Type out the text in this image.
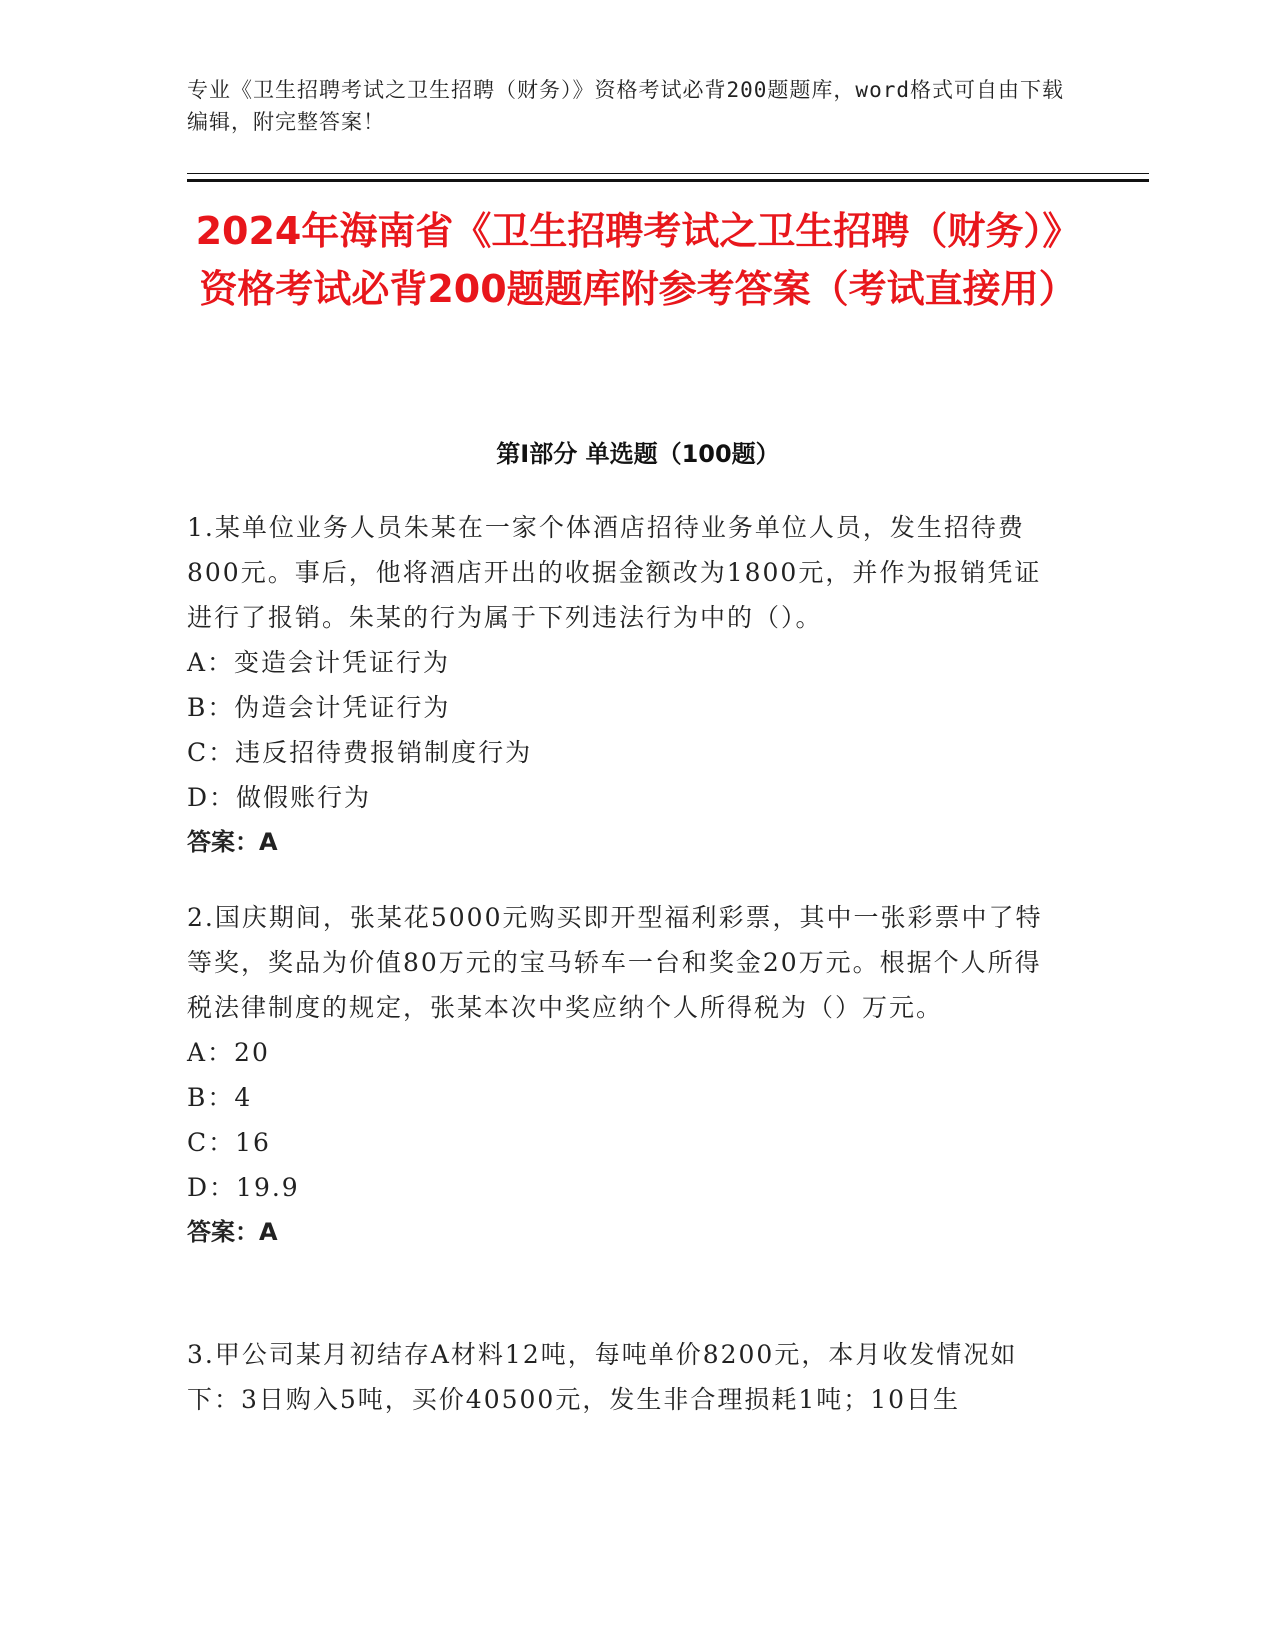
专业《卫生招聘考试之卫生招聘（财务）》资格考试必背200题题库，word格式可自由下载编辑，附完整答案！
2024年海南省《卫生招聘考试之卫生招聘（财务）》资格考试必背200题题库附参考答案（考试直接用）
第I部分 单选题（100题）
1.某单位业务人员朱某在一家个体酒店招待业务单位人员，发生招待费800元。事后，他将酒店开出的收据金额改为1800元，并作为报销凭证进行了报销。朱某的行为属于下列违法行为中的（）。
A：变造会计凭证行为
B：伪造会计凭证行为
C：违反招待费报销制度行为
D：做假账行为
答案：A
2.国庆期间，张某花5000元购买即开型福利彩票，其中一张彩票中了特等奖，奖品为价值80万元的宝马轿车一台和奖金20万元。根据个人所得税法律制度的规定，张某本次中奖应纳个人所得税为（）万元。
A：20
B：4
C：16
D：19.9
答案：A
3.甲公司某月初结存A材料12吨，每吨单价8200元，本月收发情况如下：3日购入5吨，买价40500元，发生非合理损耗1吨；10日生
